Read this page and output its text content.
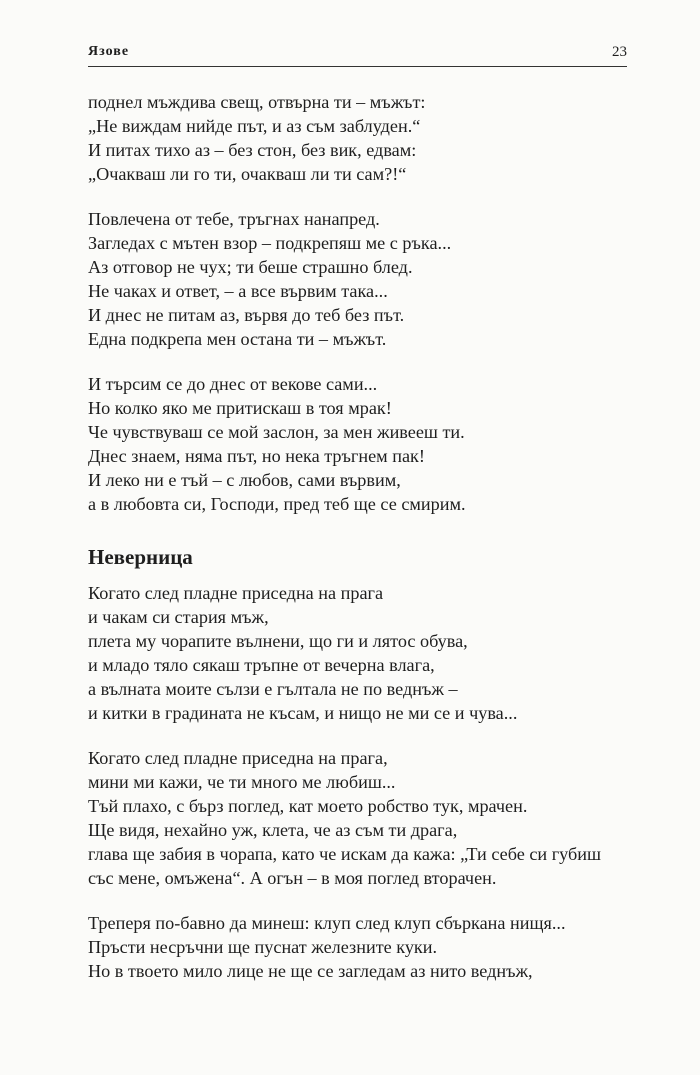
Язове	23
поднел мъждива свещ, отвърна ти – мъжът:
„Не виждам нийде път, и аз съм заблуден.“
И питах тихо аз – без стон, без вик, едвам:
„Очакваш ли го ти, очакваш ли ти сам?!“
Повлечена от тебе, тръгнах нанапред.
Загледах с мътен взор – подкрепяш ме с ръка...
Аз отговор не чух; ти беше страшно блед.
Не чаках и ответ, – а все вървим така...
И днес не питам аз, вървя до теб без път.
Една подкрепа мен остана ти – мъжът.
И търсим се до днес от векове сами...
Но колко яко ме притискаш в тоя мрак!
Че чувствуваш се мой заслон, за мен живееш ти.
Днес знаем, няма път, но нека тръгнем пак!
И леко ни е тъй – с любов, сами вървим,
а в любовта си, Господи, пред теб ще се смирим.
Неверница
Когато след пладне приседна на прага
и чакам си стария мъж,
плета му чорапите вълнени, що ги и лятос обува,
и младо тяло сякаш тръпне от вечерна влага,
а вълната моите сълзи е гълтала не по веднъж –
и китки в градината не късам, и нищо не ми се и чува...
Когато след пладне приседна на прага,
мини ми кажи, че ти много ме любиш...
Тъй плахо, с бърз поглед, кат моето робство тук, мрачен.
Ще видя, нехайно уж, клета, че аз съм ти драга,
глава ще забия в чорапа, като че искам да кажа: „Ти себе си губиш
със мене, омъжена“. А огън – в моя поглед вторачен.
Треперя по-бавно да минеш: клуп след клуп сбъркана нищя...
Пръсти несръчни ще пуснат железните куки.
Но в твоето мило лице не ще се загледам аз нито веднъж,
